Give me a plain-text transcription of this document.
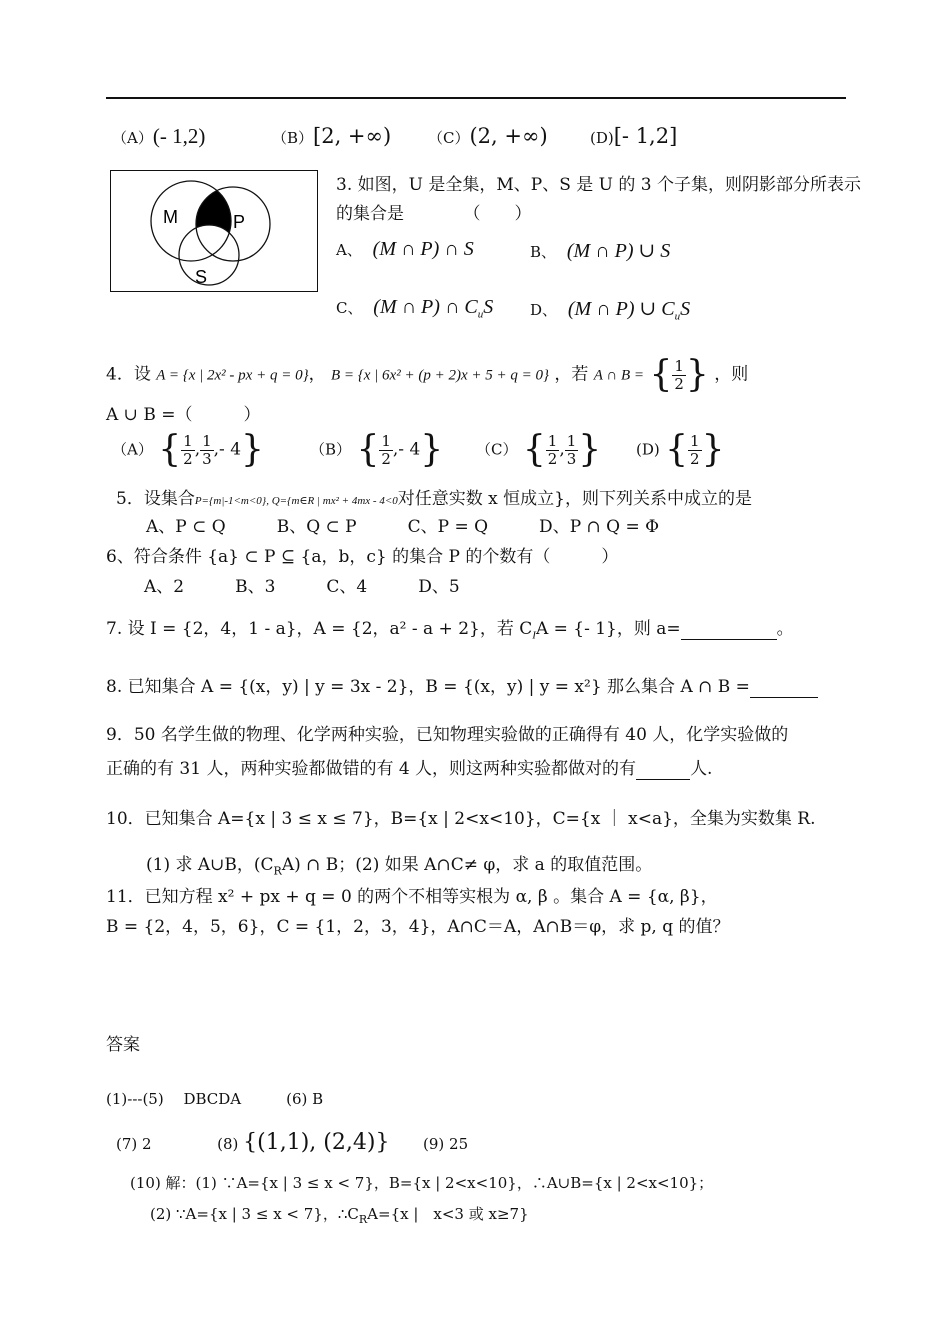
（A）(- 1,2)	（B）[2, +∞) （C）(2, +∞)	(D)[- 1,2]
M	P
S
3. 如图，U 是全集，M、P、S 是 U 的 3 个子集，则阴影部分所表示
的集合是　　　　（　　）
A、 (M ∩ P) ∩ S	B、 (M ∩ P) ∪ S
C、 (M ∩ P) ∩ $C_uS$ D、 (M ∩ P) ∪ $C_uS$
4．设 A = {x | 2x² - px + q = 0}， B = {x | 6x² + (p + 2)x + 5 + q = 0} ，若 A ∩ B = { $\frac{1}{2}$ } ，则
A ∪ B =（　　　）
（A） { $\frac{1}{2}$ , $\frac{1}{3}$ ,- 4}	（B） { $\frac{1}{2}$ ,- 4} （C） { $\frac{1}{2}$ , $\frac{1}{3}$ } (D) { $\frac{1}{2}$ }
5．设集合P={m|-1<m<0}, Q={m∈R | mx² + 4mx - 4<0对任意实数 x 恒成立}，则下列关系中成立的是
A、P ⊂ Q　　　B、Q ⊂ P　　　C、P = Q　　　D、P ∩ Q = Φ
6、符合条件 {a} ⊂ P ⊆ {a，b，c} 的集合 P 的个数有（　　　）
A、2　　　B、3　　　C、4　　　D、5
7. 设 I = {2，4，1 - a}，A = {2，a² - a + 2}，若 $C_IA$ = {- 1}，则 a=	。
8. 已知集合 A = {(x，y) | y = 3x - 2}，B = {(x，y) | y = x²} 那么集合 A ∩ B =
9．50 名学生做的物理、化学两种实验，已知物理实验做的正确得有 40 人，化学实验做的
正确的有 31 人，两种实验都做错的有 4 人，则这两种实验都做对的有	人.
10．已知集合 A={x | 3 ≤ x ≤ 7}，B={x | 2<x<10}，C={x ｜ x<a}，全集为实数集 R.
(1) 求 A∪B，$(C_RA)$ ∩ B；(2) 如果 A∩C≠ φ，求 a 的取值范围。
11．已知方程 x² + px + q = 0 的两个不相等实根为 α, β 。集合 A = {α, β}，
B = {2，4，5，6}，C = {1，2，3，4}，A∩C＝A，A∩B＝φ，求 p, q 的值？
答案
(1)---(5)　 DBCDA　　　(6) B
(7) 2	(8) {(1,1), (2,4)} (9) 25
(10) 解：(1) ∵A={x | 3 ≤ x < 7}，B={x | 2<x<10}，∴A∪B={x | 2<x<10}；
(2) ∵A={x | 3 ≤ x < 7}，$\therefore C_RA=\{x$ |　x<3 或 x≥7}
